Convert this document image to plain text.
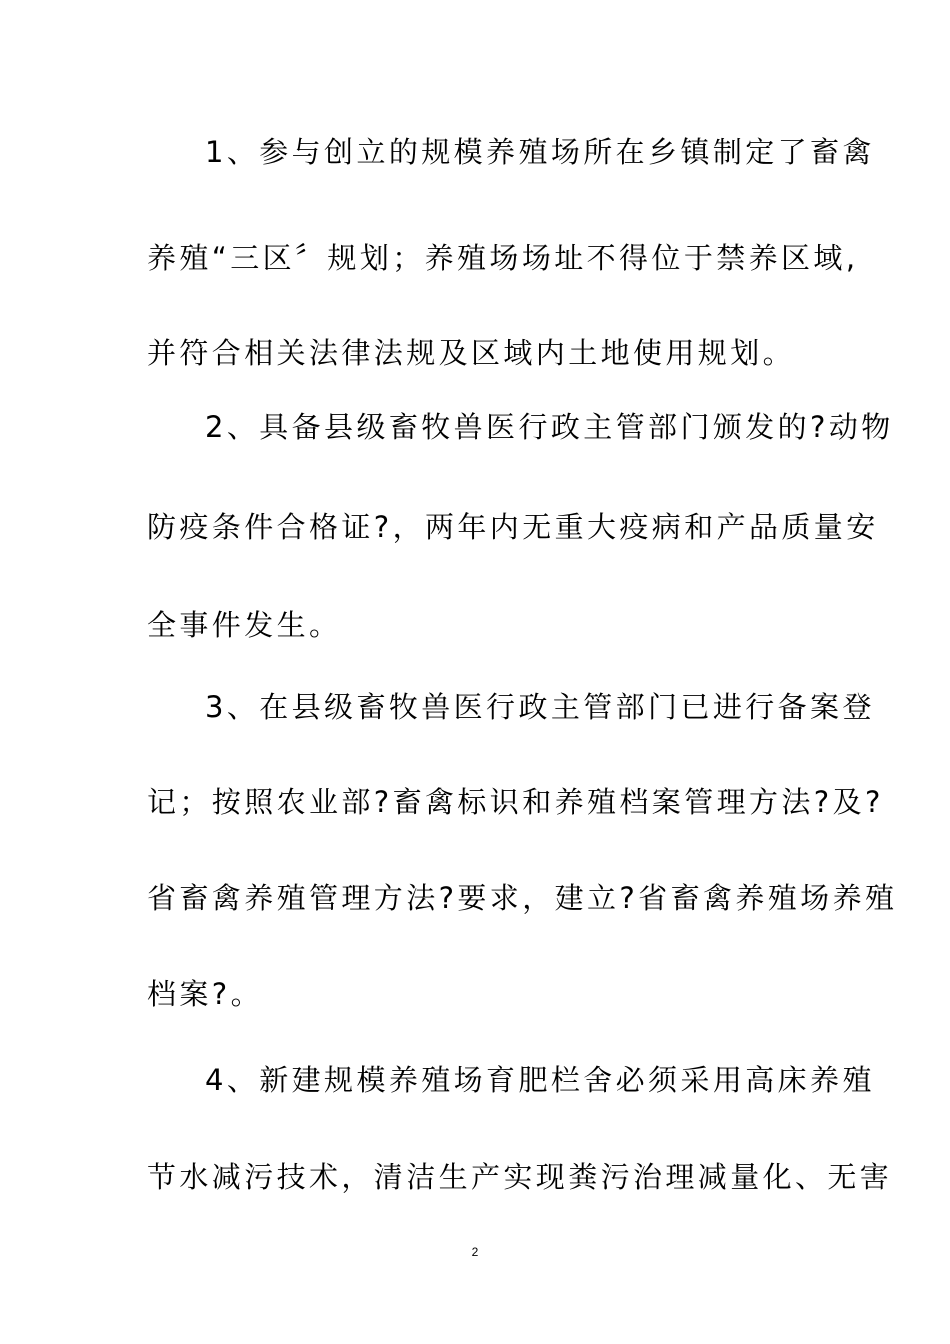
1、参与创立的规模养殖场所在乡镇制定了畜禽
养殖“三区〞规划；养殖场场址不得位于禁养区域,
并符合相关法律法规及区域内土地使用规划。
2、具备县级畜牧兽医行政主管部门颁发的?动物
防疫条件合格证?，两年内无重大疫病和产品质量安
全事件发生。
3、在县级畜牧兽医行政主管部门已进行备案登
记；按照农业部?畜禽标识和养殖档案管理方法?及?
省畜禽养殖管理方法?要求，建立?省畜禽养殖场养殖
档案?。
4、新建规模养殖场育肥栏舍必须采用高床养殖
节水减污技术，清洁生产实现粪污治理减量化、无害
2
